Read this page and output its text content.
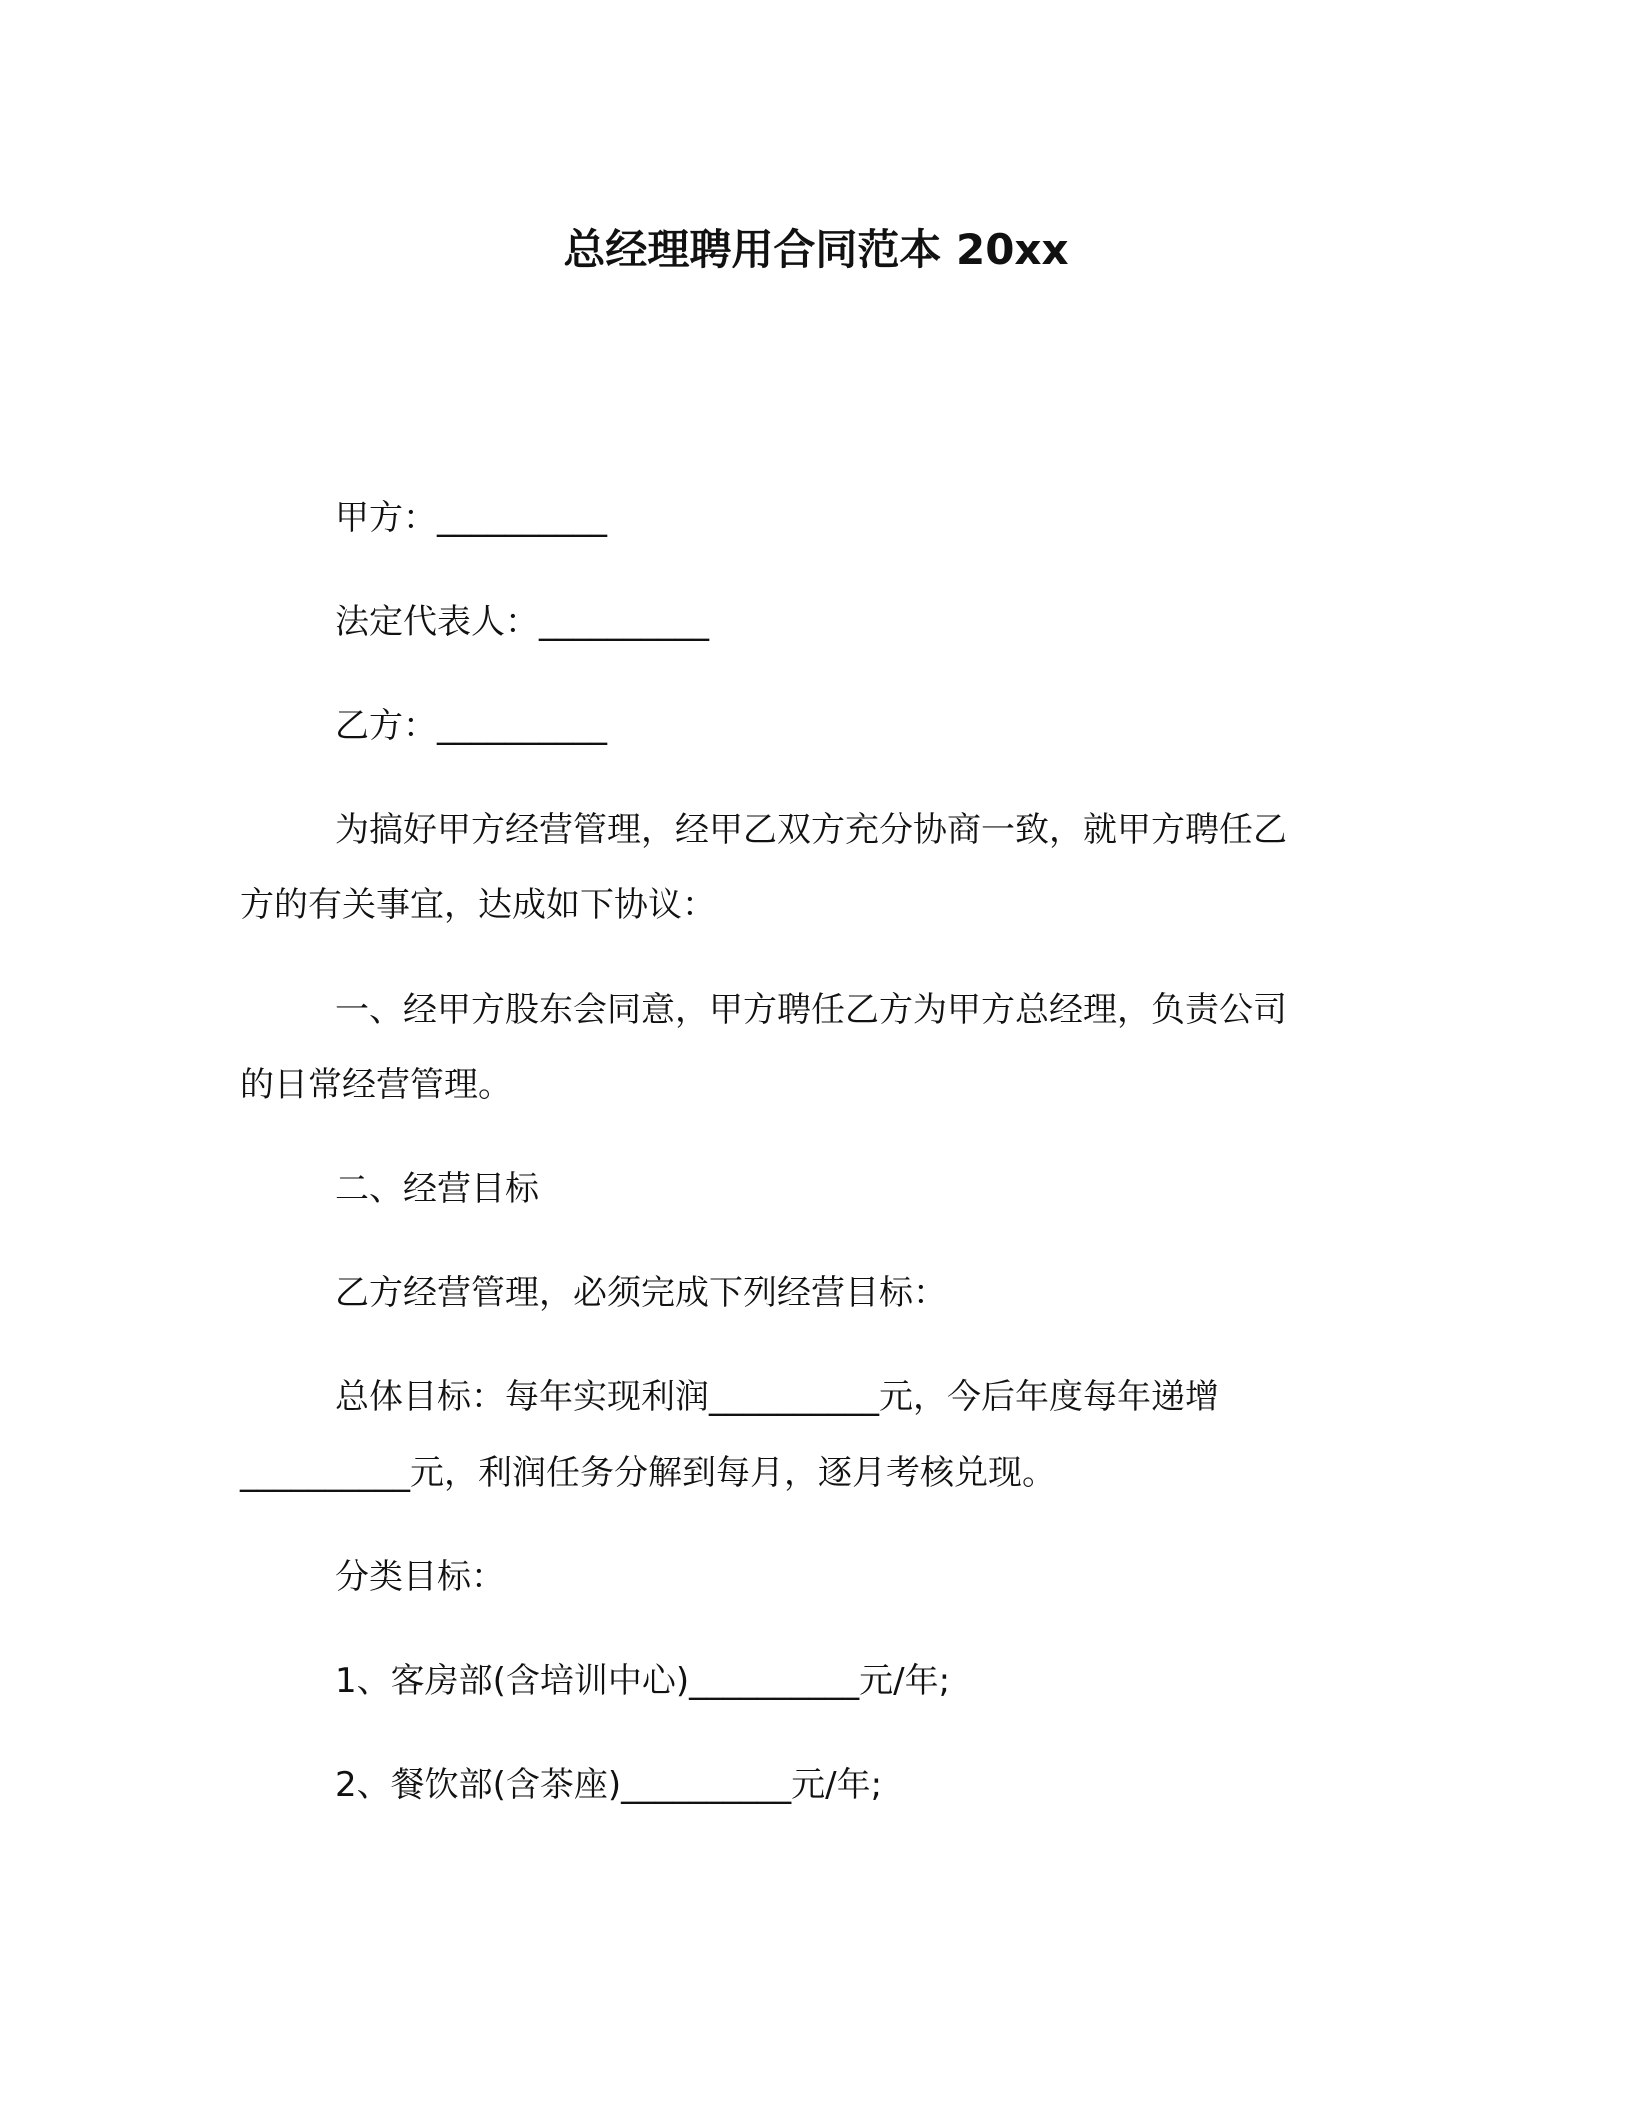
总经理聘用合同范本 20xx
甲方：__________
法定代表人：__________
乙方：__________
为搞好甲方经营管理，经甲乙双方充分协商一致，就甲方聘任乙
方的有关事宜，达成如下协议：
一、经甲方股东会同意，甲方聘任乙方为甲方总经理，负责公司
的日常经营管理。
二、经营目标
乙方经营管理，必须完成下列经营目标：
总体目标：每年实现利润__________元，今后年度每年递增
__________元，利润任务分解到每月，逐月考核兑现。
分类目标：
1、客房部(含培训中心)__________元/年;
2、餐饮部(含茶座)__________元/年;
